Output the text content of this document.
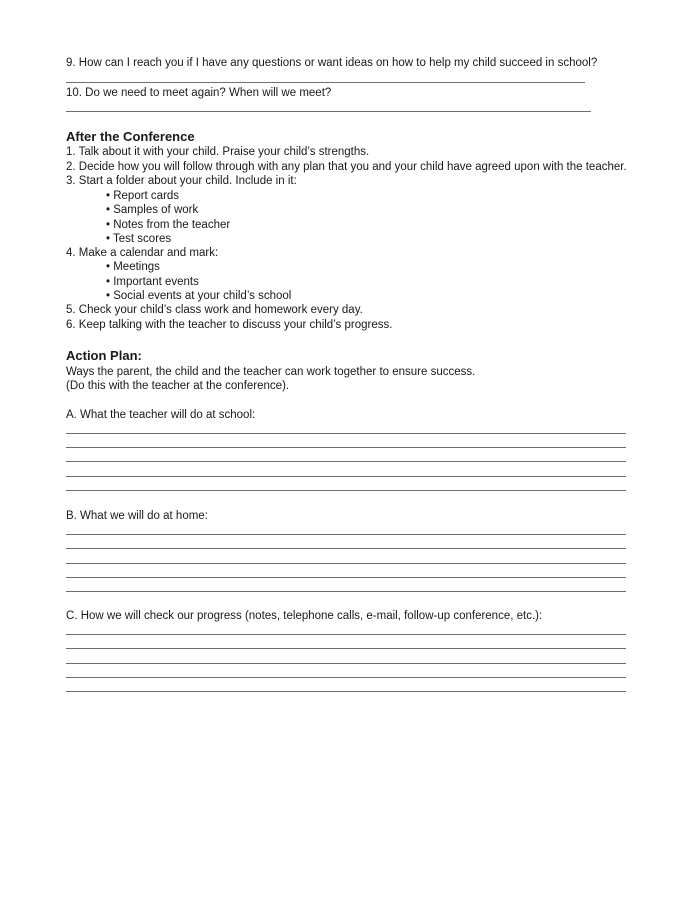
9. How can I reach you if I have any questions or want ideas on how to help my child succeed in school?
10. Do we need to meet again? When will we meet?
After the Conference
1. Talk about it with your child. Praise your child’s strengths.
2. Decide how you will follow through with any plan that you and your child have agreed upon with the teacher.
3. Start a folder about your child. Include in it:
• Report cards
• Samples of work
• Notes from the teacher
• Test scores
4. Make a calendar and mark:
• Meetings
• Important events
• Social events at your child’s school
5. Check your child’s class work and homework every day.
6. Keep talking with the teacher to discuss your child’s progress.
Action Plan:
Ways the parent, the child and the teacher can work together to ensure success.
(Do this with the teacher at the conference).
A. What the teacher will do at school:
B. What we will do at home:
C. How we will check our progress (notes, telephone calls, e-mail, follow-up conference, etc.):
